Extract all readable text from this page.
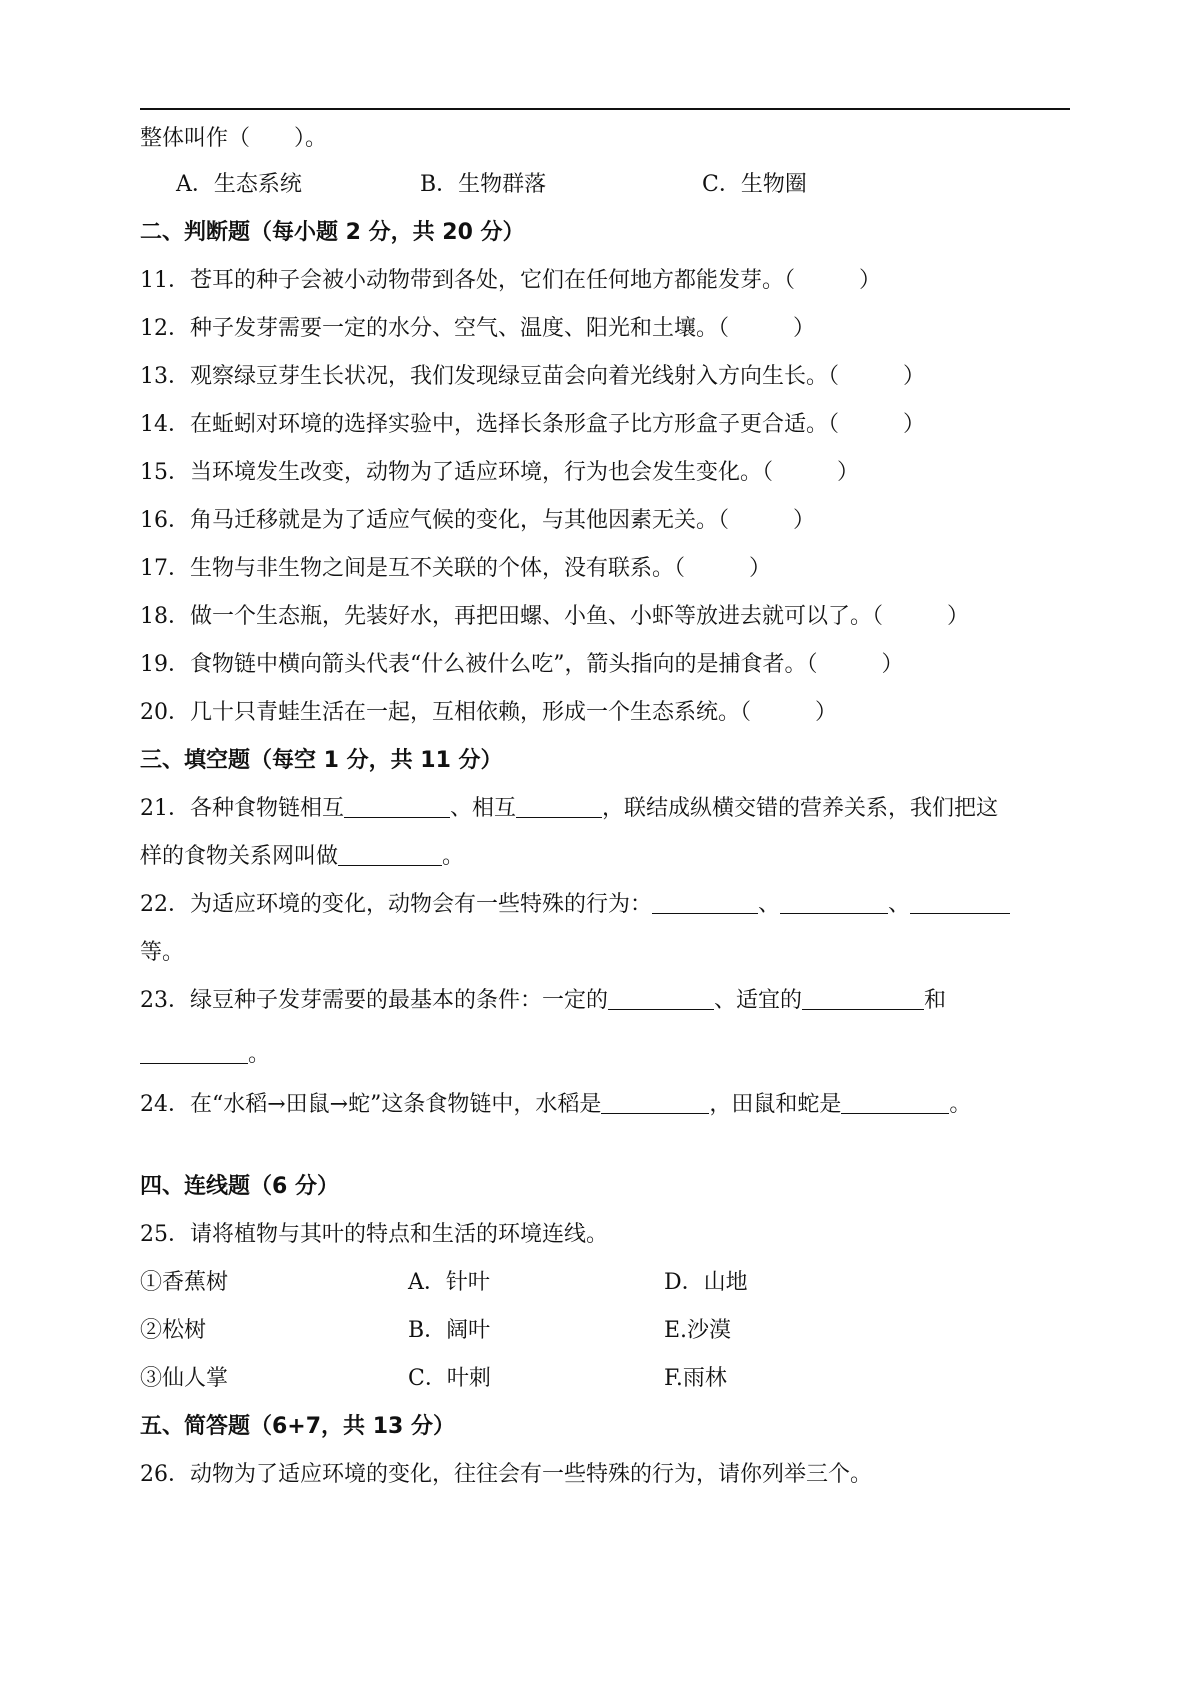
整体叫作（　　）。
A．生态系统	B．生物群落	C．生物圈
二、判断题（每小题 2 分，共 20 分）
11．苍耳的种子会被小动物带到各处，它们在任何地方都能发芽。（	）
12．种子发芽需要一定的水分、空气、温度、阳光和土壤。（	）
13．观察绿豆芽生长状况，我们发现绿豆苗会向着光线射入方向生长。（	）
14．在蚯蚓对环境的选择实验中，选择长条形盒子比方形盒子更合适。（	）
15．当环境发生改变，动物为了适应环境，行为也会发生变化。（	）
16．角马迁移就是为了适应气候的变化，与其他因素无关。（	）
17．生物与非生物之间是互不关联的个体，没有联系。（	）
18．做一个生态瓶，先装好水，再把田螺、小鱼、小虾等放进去就可以了。（	）
19．食物链中横向箭头代表“什么被什么吃”，箭头指向的是捕食者。（	）
20．几十只青蛙生活在一起，互相依赖，形成一个生态系统。（	）
三、填空题（每空 1 分，共 11 分）
21．各种食物链相互	、相互	，联结成纵横交错的营养关系，我们把这
样的食物关系网叫做	。
22．为适应环境的变化，动物会有一些特殊的行为：	、	、
等。
23．绿豆种子发芽需要的最基本的条件：一定的	、适宜的	和
。
24．在“水稻→田鼠→蛇”这条食物链中，水稻是	，田鼠和蛇是	。
四、连线题（6 分）
25．请将植物与其叶的特点和生活的环境连线。
①香蕉树	A．针叶	D．山地
②松树	B．阔叶	E.沙漠
③仙人掌	C．叶刺	F.雨林
五、简答题（6+7，共 13 分）
26．动物为了适应环境的变化，往往会有一些特殊的行为，请你列举三个。
